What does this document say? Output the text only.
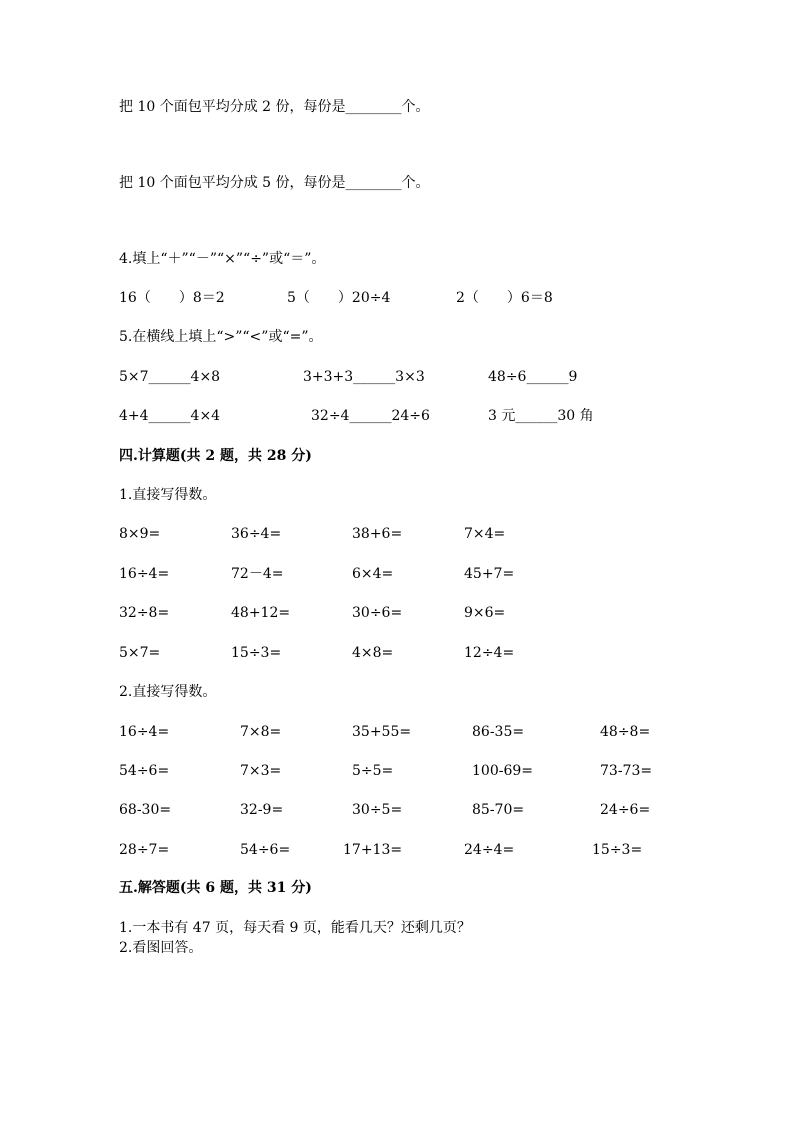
把 10 个面包平均分成 2 份，每份是________个。
把 10 个面包平均分成 5 份，每份是________个。
4.填上“＋”“－”“×”“÷”或“＝”。
16（　　）8＝2	5（　　）20÷4	2（　　）6＝8
5.在横线上填上“>”“<”或“=”。
5×7______4×8	3+3+3______3×3	48÷6______9
4+4______4×4	32÷4______24÷6	3 元______30 角
四.计算题(共 2 题，共 28 分)
1.直接写得数。
8×9=	36÷4=	38+6=	7×4=
16÷4=	72－4=	6×4=	45+7=
32÷8=	48+12=	30÷6=	9×6=
5×7=	15÷3=	4×8=	12÷4=
2.直接写得数。
16÷4=	7×8=	35+55=	86-35=	48÷8=
54÷6=	7×3=	5÷5=	100-69=	73-73=
68-30=	32-9=	30÷5=	85-70=	24÷6=
28÷7=	54÷6=	17+13=	24÷4=	15÷3=
五.解答题(共 6 题，共 31 分)
1.一本书有 47 页，每天看 9 页，能看几天？还剩几页？
2.看图回答。
